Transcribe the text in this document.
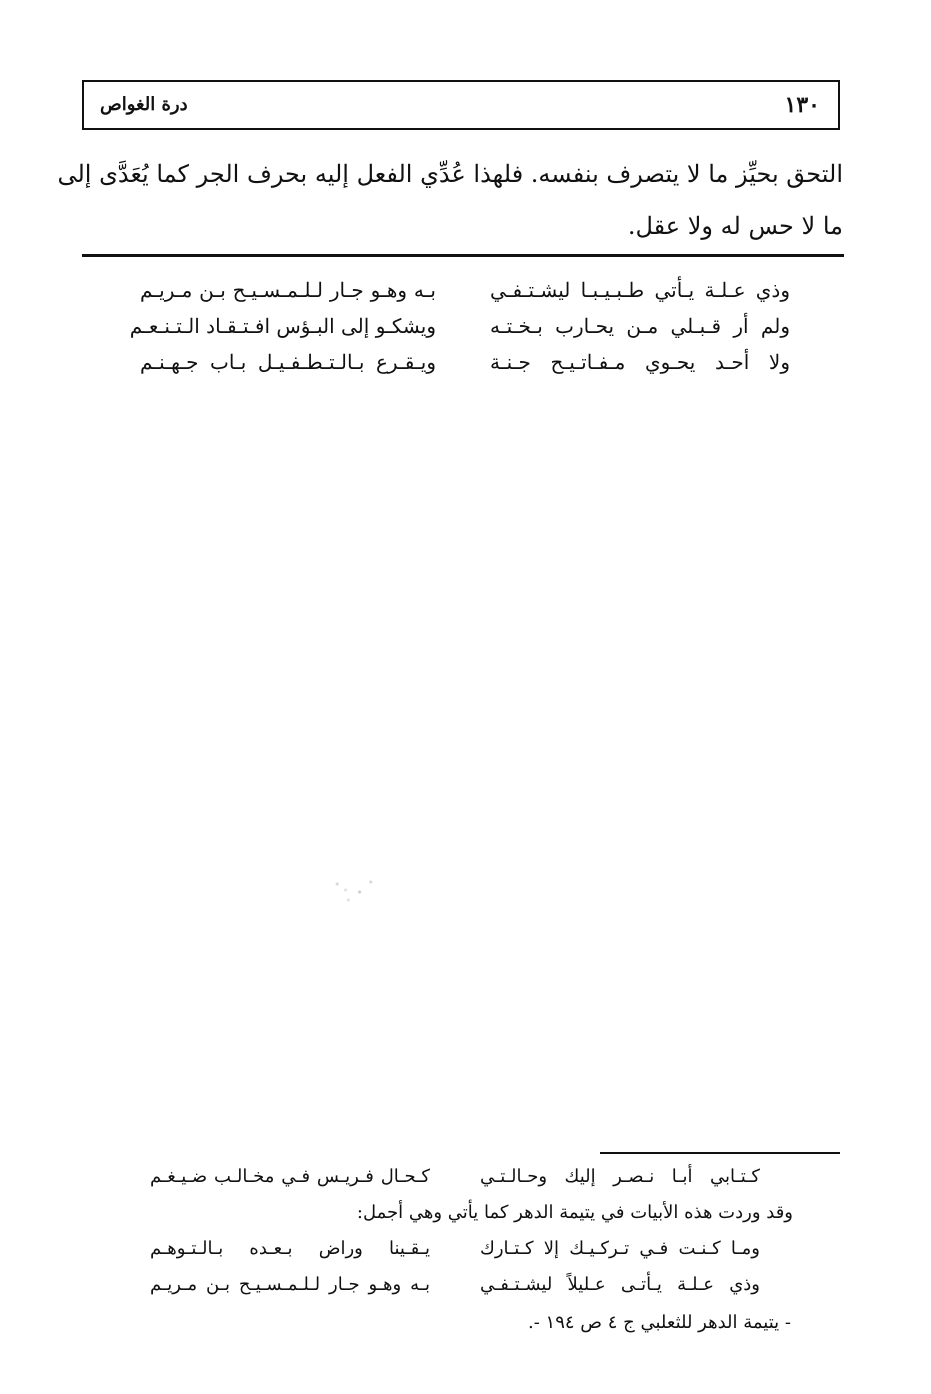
١٣٠
درة الغواص
التحق بحيِّز ما لا يتصرف بنفسه. فلهذا عُدِّي الفعل إليه بحرف الجر كما يُعَدَّى إلى
ما لا حس له ولا عقل.
وذي عـلـة يـأتي طـبـيـبـا ليشـتـفـي
بـه وهـو جـار لـلـمـسـيـح بـن مـريـم
ولم أر قـبـلي مـن يحـارب بـخـتـه
ويشكـو إلى البـؤس افـتـقـاد الـتـنـعـم
ولا أحـد يحـوي مـفـاتـيـح جـنـة
ويـقـرع بـالـتـطـفـيـل بـاب جـهـنـم
كـتـابي أبـا نـصـر إليك وحـالـتـي
كـحـال فـريـس فـي مخـالـب ضـيـغـم
وقد وردت هذه الأبيات في يتيمة الدهر كما يأتي وهي أجمل:
ومـا كـنـت فـي تـركـيـك إلا كـتـارك
يـقـينا وراض بـعـده بـالـتـوهـم
وذي عـلـة يـأتـى عـليلاً ليشـتـفـي
بـه وهـو جـار لـلـمـسـيـح بـن مـريـم
- يتيمة الدهر للثعلبي ج ٤ ص ١٩٤ -.
